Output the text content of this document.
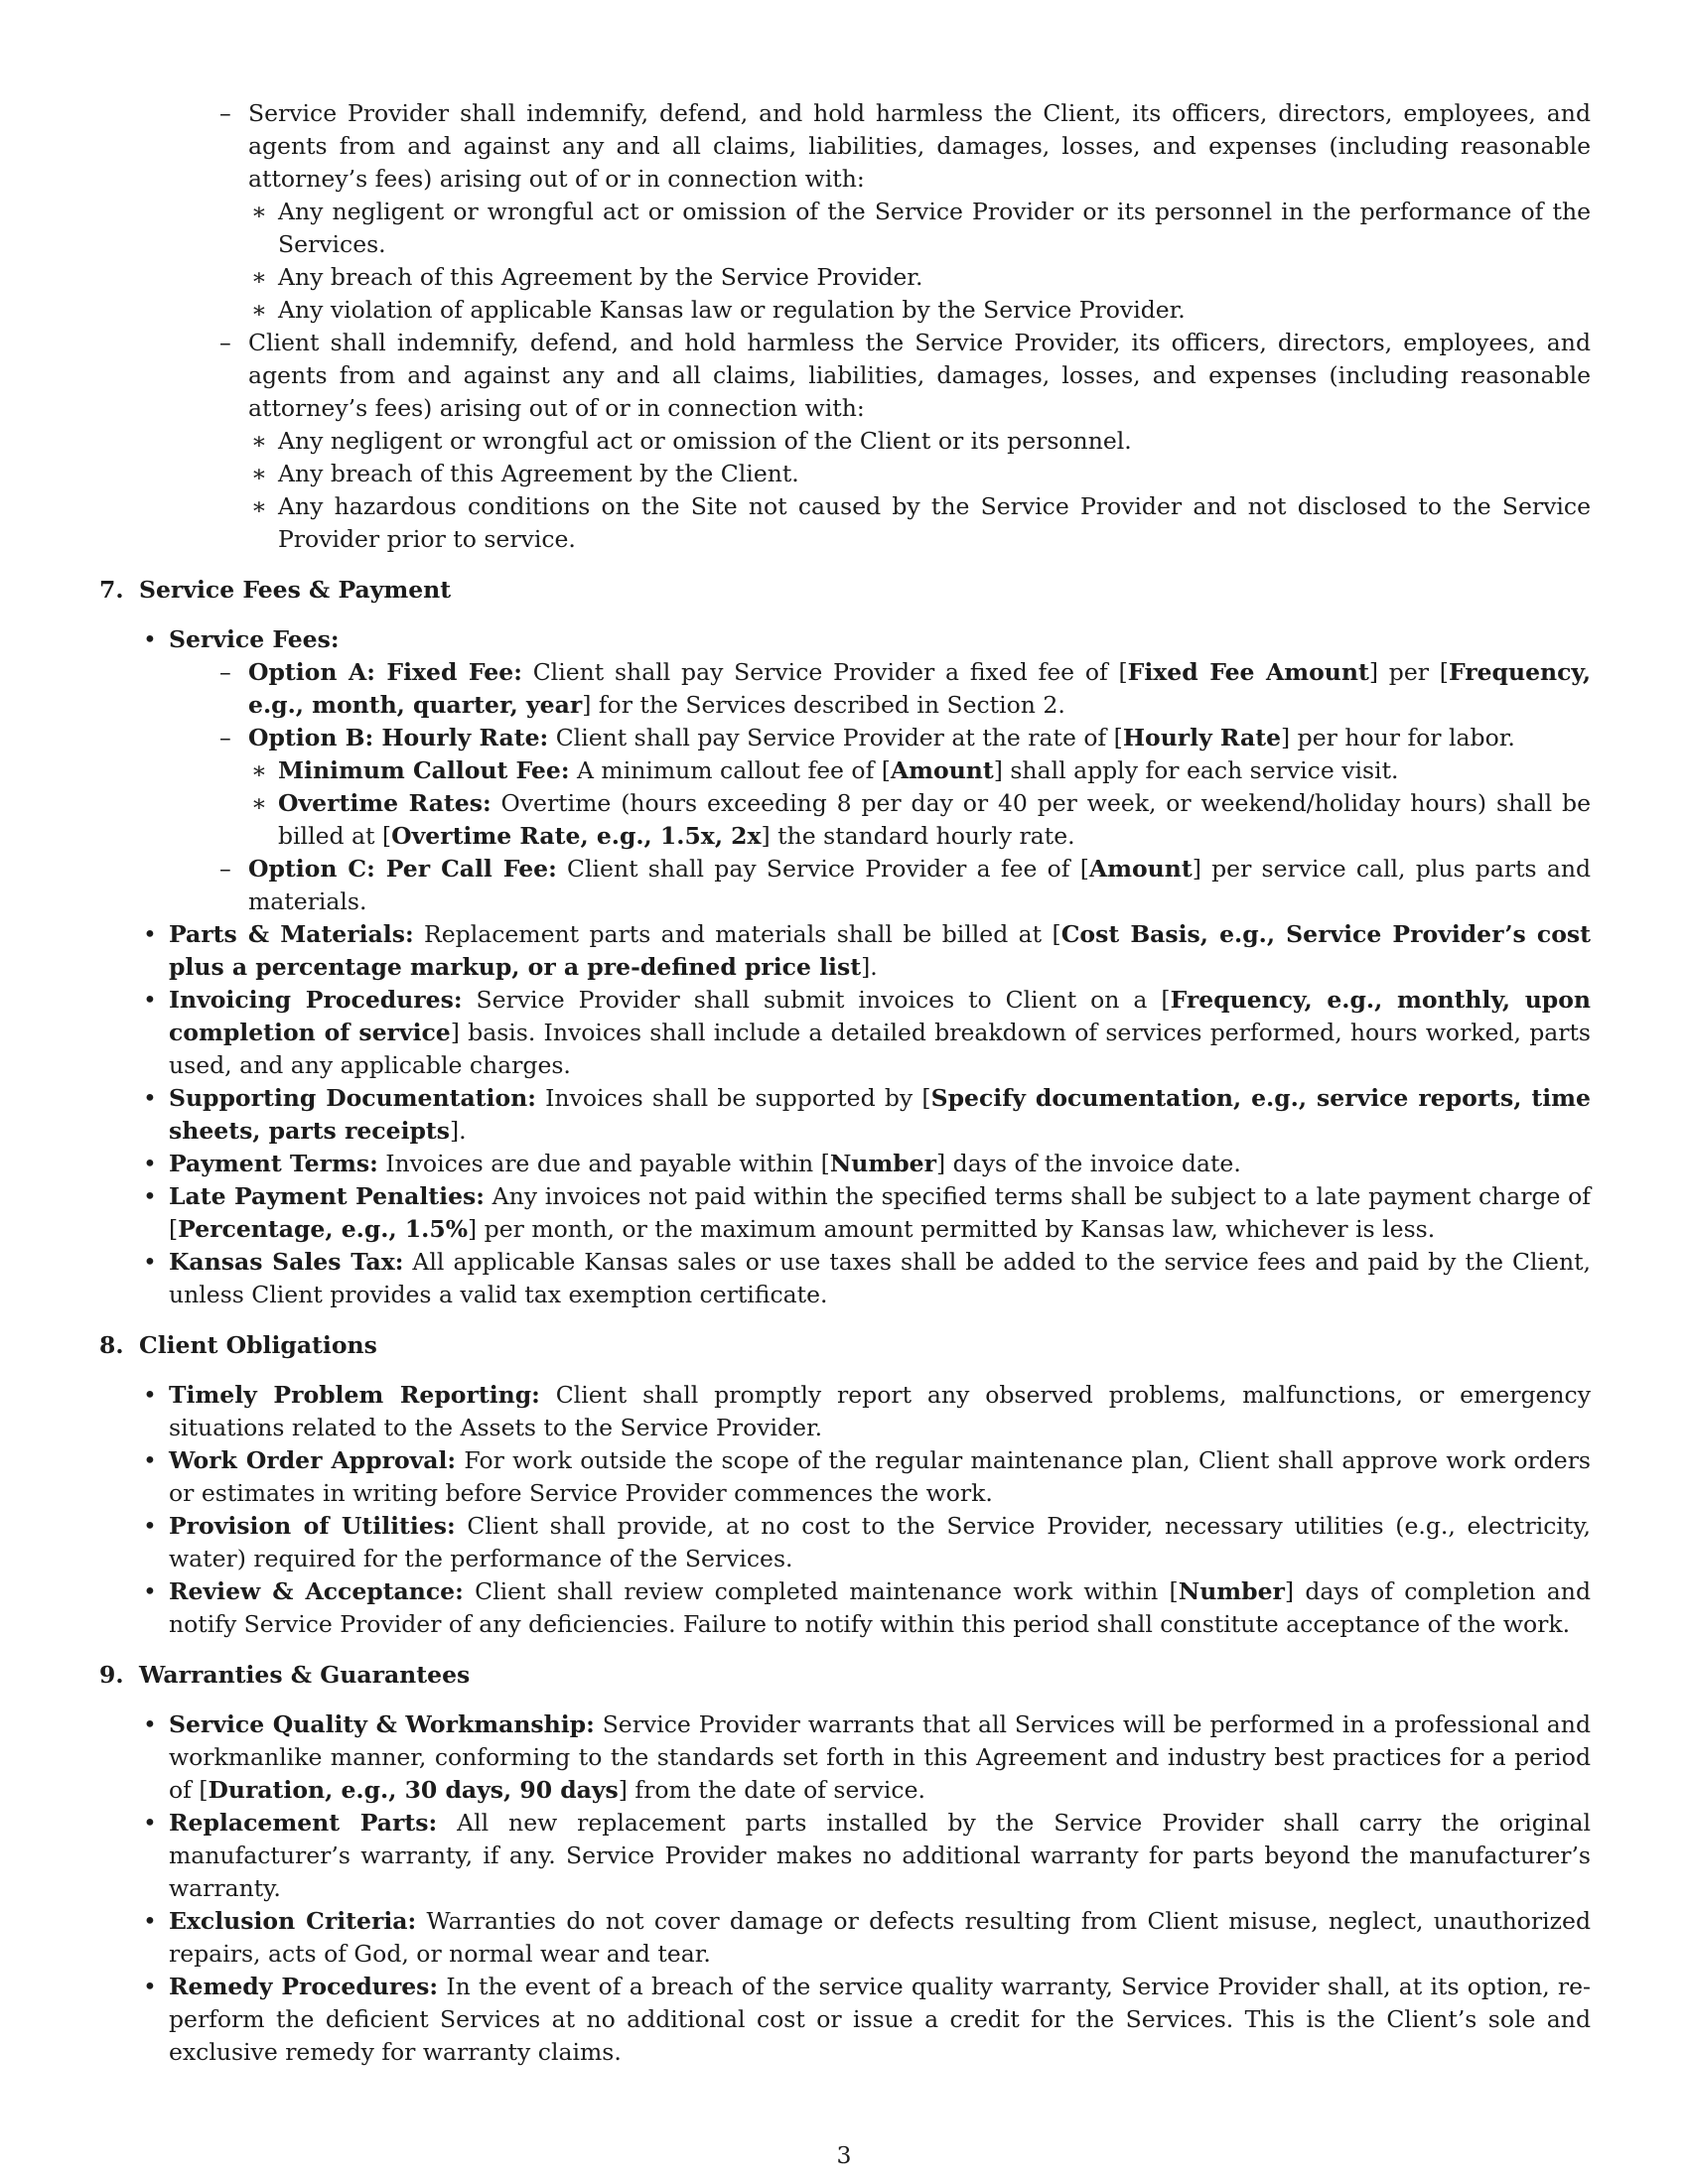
– Service Provider shall indemnify, defend, and hold harmless the Client, its officers, directors, employees, and agents from and against any and all claims, liabilities, damages, losses, and expenses (including reasonable attorney’s fees) arising out of or in connection with:

∗ Any negligent or wrongful act or omission of the Service Provider or its personnel in the performance of the Services.

∗ Any breach of this Agreement by the Service Provider.

∗ Any violation of applicable Kansas law or regulation by the Service Provider.

– Client shall indemnify, defend, and hold harmless the Service Provider, its officers, directors, employees, and agents from and against any and all claims, liabilities, damages, losses, and expenses (including reasonable attorney’s fees) arising out of or in connection with:

∗ Any negligent or wrongful act or omission of the Client or its personnel.

∗ Any breach of this Agreement by the Client.

∗ Any hazardous conditions on the Site not caused by the Service Provider and not disclosed to the Service Provider prior to service.

7. Service Fees & Payment

• Service Fees:

– Option A: Fixed Fee: Client shall pay Service Provider a fixed fee of [Fixed Fee Amount] per [Frequency, e.g., month, quarter, year] for the Services described in Section 2.

– Option B: Hourly Rate: Client shall pay Service Provider at the rate of [Hourly Rate] per hour for labor.

∗ Minimum Callout Fee: A minimum callout fee of [Amount] shall apply for each service visit.

∗ Overtime Rates: Overtime (hours exceeding 8 per day or 40 per week, or weekend/holiday hours) shall be billed at [Overtime Rate, e.g., 1.5x, 2x] the standard hourly rate.

– Option C: Per Call Fee: Client shall pay Service Provider a fee of [Amount] per service call, plus parts and materials.

• Parts & Materials: Replacement parts and materials shall be billed at [Cost Basis, e.g., Service Provider’s cost plus a percentage markup, or a pre-defined price list].

• Invoicing Procedures: Service Provider shall submit invoices to Client on a [Frequency, e.g., monthly, upon completion of service] basis. Invoices shall include a detailed breakdown of services performed, hours worked, parts used, and any applicable charges.

• Supporting Documentation: Invoices shall be supported by [Specify documentation, e.g., service reports, time sheets, parts receipts].

• Payment Terms: Invoices are due and payable within [Number] days of the invoice date.

• Late Payment Penalties: Any invoices not paid within the specified terms shall be subject to a late payment charge of [Percentage, e.g., 1.5%] per month, or the maximum amount permitted by Kansas law, whichever is less.

• Kansas Sales Tax: All applicable Kansas sales or use taxes shall be added to the service fees and paid by the Client, unless Client provides a valid tax exemption certificate.

8. Client Obligations

• Timely Problem Reporting: Client shall promptly report any observed problems, malfunctions, or emergency situations related to the Assets to the Service Provider.

• Work Order Approval: For work outside the scope of the regular maintenance plan, Client shall approve work orders or estimates in writing before Service Provider commences the work.

• Provision of Utilities: Client shall provide, at no cost to the Service Provider, necessary utilities (e.g., electricity, water) required for the performance of the Services.

• Review & Acceptance: Client shall review completed maintenance work within [Number] days of completion and notify Service Provider of any deficiencies. Failure to notify within this period shall constitute acceptance of the work.

9. Warranties & Guarantees

• Service Quality & Workmanship: Service Provider warrants that all Services will be performed in a professional and workmanlike manner, conforming to the standards set forth in this Agreement and industry best practices for a period of [Duration, e.g., 30 days, 90 days] from the date of service.

• Replacement Parts: All new replacement parts installed by the Service Provider shall carry the original manufacturer’s warranty, if any. Service Provider makes no additional warranty for parts beyond the manufacturer’s warranty.

• Exclusion Criteria: Warranties do not cover damage or defects resulting from Client misuse, neglect, unauthorized repairs, acts of God, or normal wear and tear.

• Remedy Procedures: In the event of a breach of the service quality warranty, Service Provider shall, at its option, re-perform the deficient Services at no additional cost or issue a credit for the Services. This is the Client’s sole and exclusive remedy for warranty claims.

3
